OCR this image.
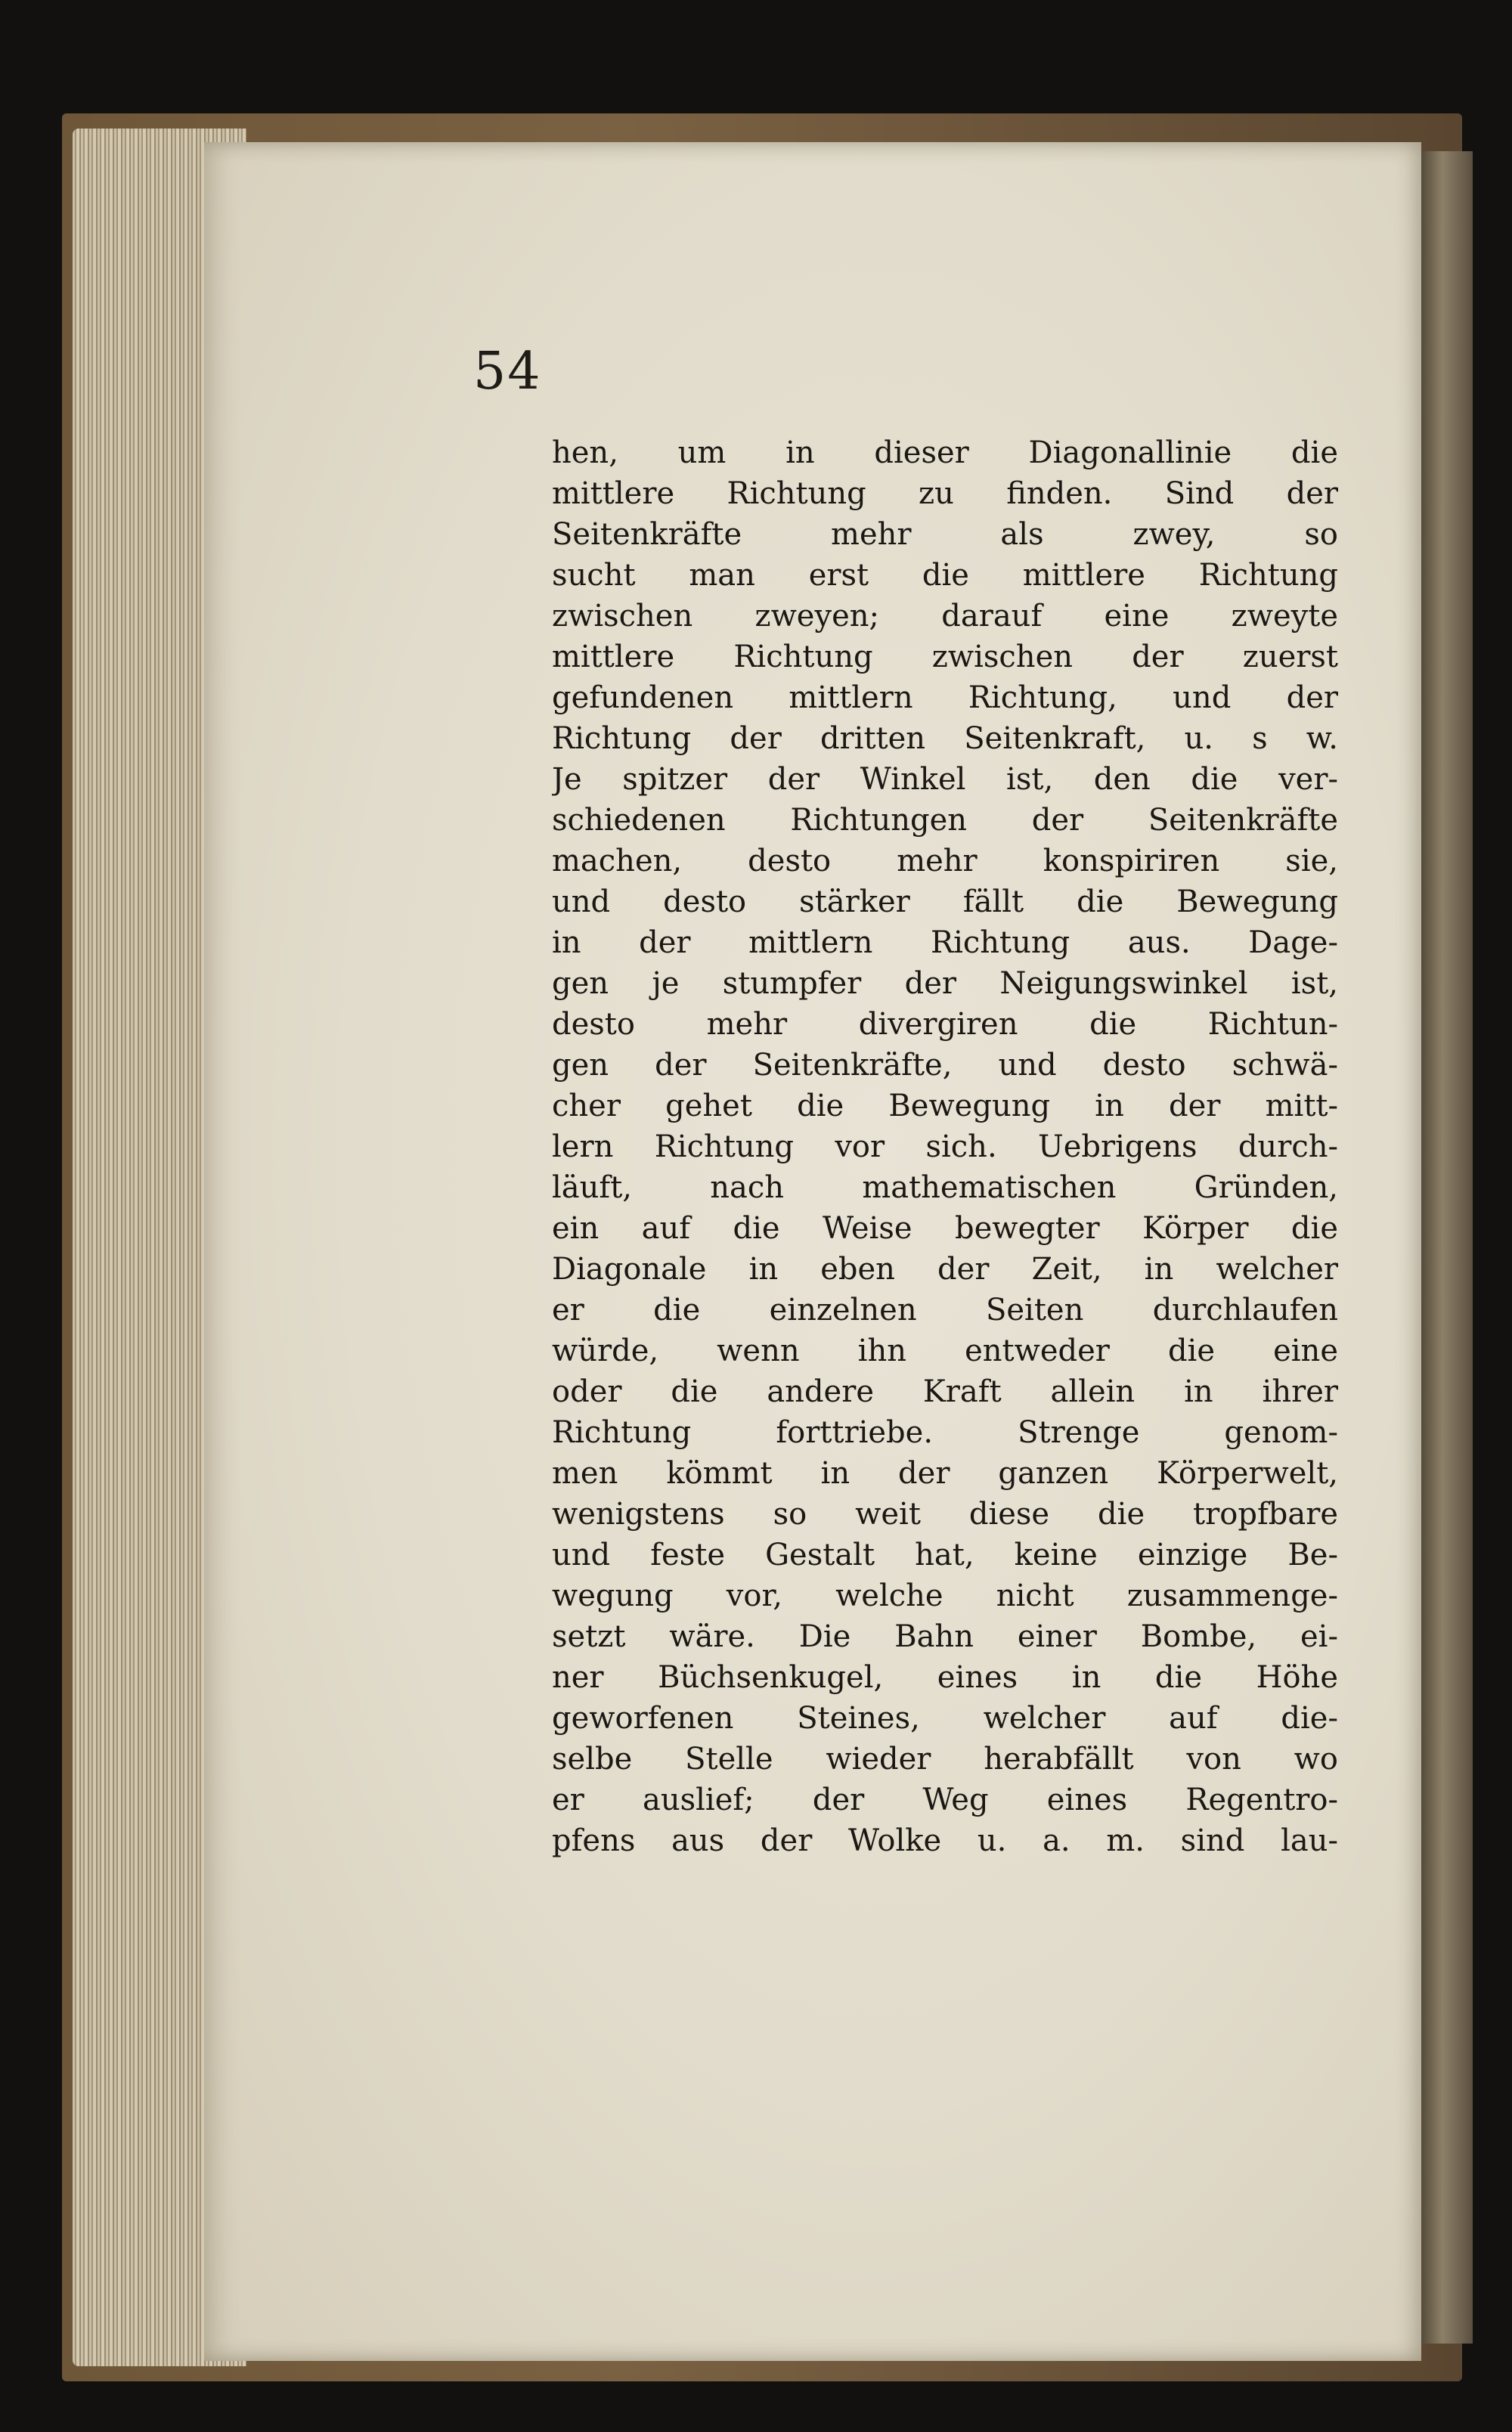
54
hen, um in dieser Diagonallinie die
mittlere Richtung zu finden. Sind der
Seitenkräfte mehr als zwey, so
sucht man erst die mittlere Richtung
zwischen zweyen; darauf eine zweyte
mittlere Richtung zwischen der zuerst
gefundenen mittlern Richtung, und der
Richtung der dritten Seitenkraft, u. s w.
Je spitzer der Winkel ist, den die ver-
schiedenen Richtungen der Seitenkräfte
machen, desto mehr konspiriren sie,
und desto stärker fällt die Bewegung
in der mittlern Richtung aus. Dage-
gen je stumpfer der Neigungswinkel ist,
desto mehr divergiren die Richtun-
gen der Seitenkräfte, und desto schwä-
cher gehet die Bewegung in der mitt-
lern Richtung vor sich. Uebrigens durch-
läuft, nach mathematischen Gründen,
ein auf die Weise bewegter Körper die
Diagonale in eben der Zeit, in welcher
er die einzelnen Seiten durchlaufen
würde, wenn ihn entweder die eine
oder die andere Kraft allein in ihrer
Richtung forttriebe. Strenge genom-
men kömmt in der ganzen Körperwelt,
wenigstens so weit diese die tropfbare
und feste Gestalt hat, keine einzige Be-
wegung vor, welche nicht zusammenge-
setzt wäre. Die Bahn einer Bombe, ei-
ner Büchsenkugel, eines in die Höhe
geworfenen Steines, welcher auf die-
selbe Stelle wieder herabfällt von wo
er auslief; der Weg eines Regentro-
pfens aus der Wolke u. a. m. sind lau-
